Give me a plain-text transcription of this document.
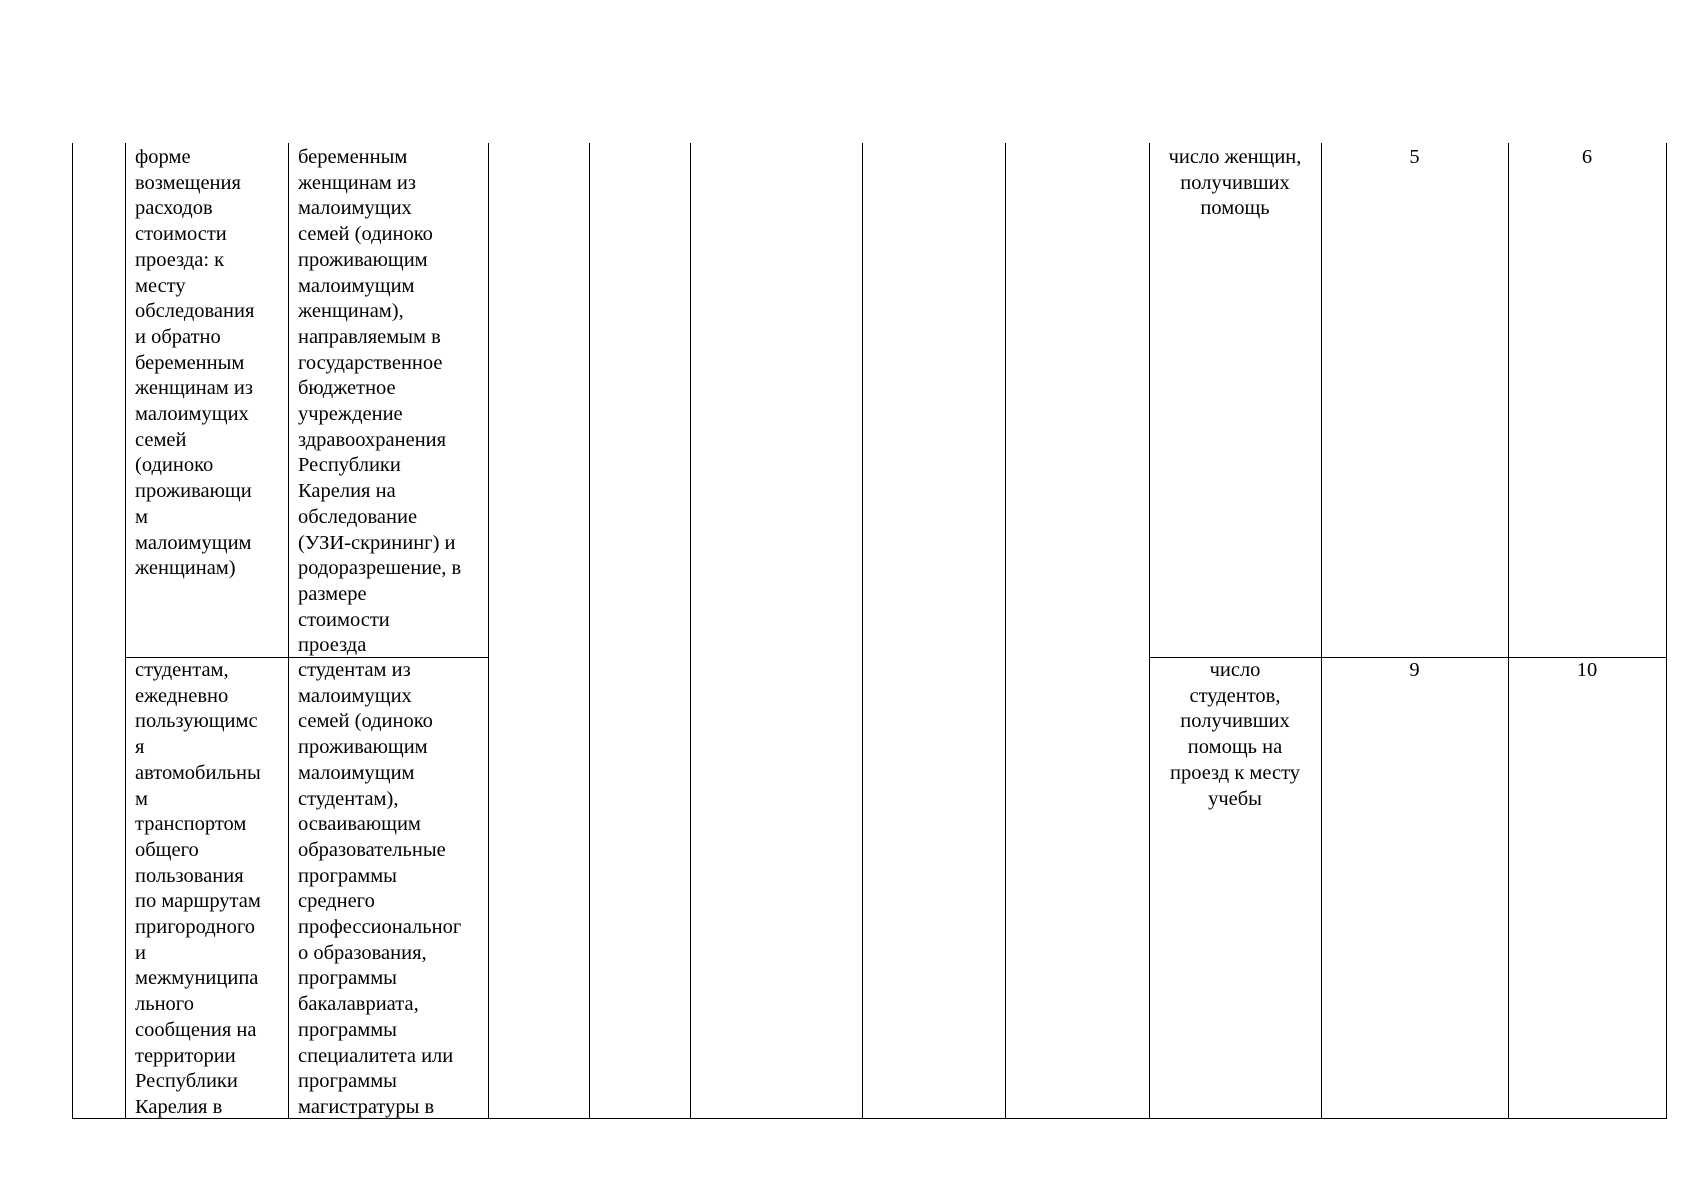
форме
возмещения
расходов
стоимости
проезда: к
месту
обследования
и обратно
беременным
женщинам из
малоимущих
семей
(одиноко
проживающи
м
малоимущим
женщинам)

беременным
женщинам из
малоимущих
семей (одиноко
проживающим
малоимущим
женщинам),
направляемым в
государственное
бюджетное
учреждение
здравоохранения
Республики
Карелия на
обследование
(УЗИ-скрининг) и
родоразрешение, в
размере
стоимости
проезда

число женщин,
получивших
помощь

5	6

студентам,
ежедневно
пользующимс
я
автомобильны
м
транспортом
общего
пользования
по маршрутам
пригородного
и
межмуниципа
льного
сообщения на
территории
Республики
Карелия в

студентам из
малоимущих
семей (одиноко
проживающим
малоимущим
студентам),
осваивающим
образовательные
программы
среднего
профессиональног
о образования,
программы
бакалавриата,
программы
специалитета или
программы
магистратуры в

число
студентов,
получивших
помощь на
проезд к месту
учебы

9	10
